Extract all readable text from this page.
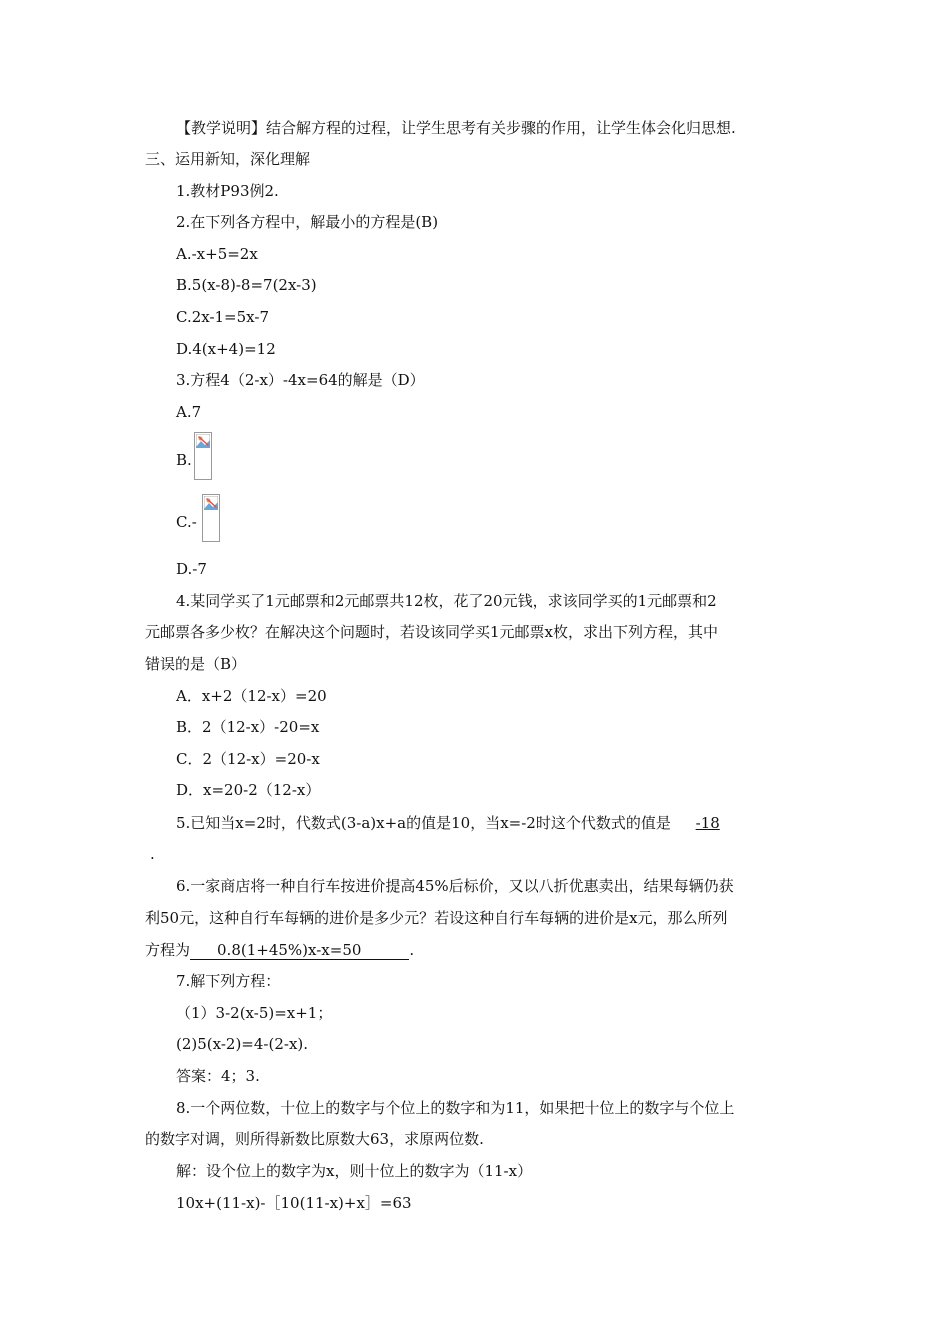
【教学说明】结合解方程的过程，让学生思考有关步骤的作用，让学生体会化归思想.
三、运用新知，深化理解
1.教材P93例2.
2.在下列各方程中，解最小的方程是(B)
A.-x+5=2x
B.5(x-8)-8=7(2x-3)
C.2x-1=5x-7
D.4(x+4)=12
3.方程4（2-x）-4x=64的解是（D）
A.7
B.
C.-
D.-7
4.某同学买了1元邮票和2元邮票共12枚，花了20元钱，求该同学买的1元邮票和2
元邮票各多少枚？在解决这个问题时，若设该同学买1元邮票x枚，求出下列方程，其中
错误的是（B）
A．x+2（12-x）=20
B．2（12-x）-20=x
C．2（12-x）=20-x
D．x=20-2（12-x）
5.已知当x=2时，代数式(3-a)x+a的值是10，当x=-2时这个代数式的值是 -18
.
6.一家商店将一种自行车按进价提高45%后标价，又以八折优惠卖出，结果每辆仍获
利50元，这种自行车每辆的进价是多少元？若设这种自行车每辆的进价是x元，那么所列
方程为 0.8(1+45%)x-x=50	.
7.解下列方程：
（1）3-2(x-5)=x+1；
(2)5(x-2)=4-(2-x).
答案：4；3.
8.一个两位数，十位上的数字与个位上的数字和为11，如果把十位上的数字与个位上
的数字对调，则所得新数比原数大63，求原两位数.
解：设个位上的数字为x，则十位上的数字为（11-x）
10x+(11-x)-［10(11-x)+x］=63
